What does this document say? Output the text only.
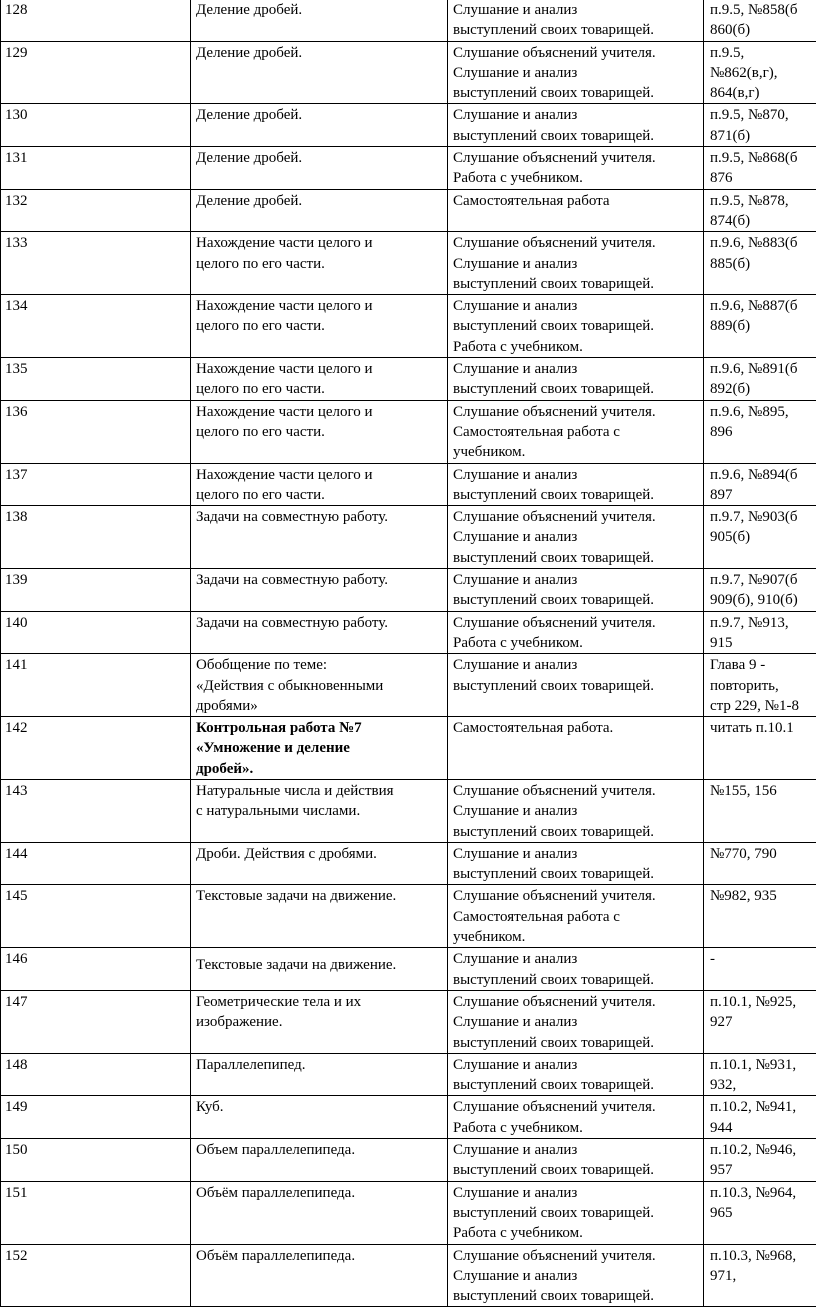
128	Деление дробей.	Слушание и анализ
выступлений своих товарищей.	п.9.5, №858(б
860(б)

129	Деление дробей.	Слушание объяснений учителя.
Слушание и анализ
выступлений своих товарищей.	п.9.5,
№862(в,г),
864(в,г)

130	Деление дробей.	Слушание и анализ
выступлений своих товарищей.	п.9.5, №870,
871(б)

131	Деление дробей.	Слушание объяснений учителя.
Работа с учебником.	п.9.5, №868(б
876

132	Деление дробей.	Самостоятельная работа	п.9.5, №878,
874(б)

133	Нахождение части целого и
целого по его части.	Слушание объяснений учителя.
Слушание и анализ
выступлений своих товарищей.	п.9.6, №883(б
885(б)

134	Нахождение части целого и
целого по его части.	Слушание и анализ
выступлений своих товарищей.
Работа с учебником.	п.9.6, №887(б
889(б)

135	Нахождение части целого и
целого по его части.	Слушание и анализ
выступлений своих товарищей.	п.9.6, №891(б
892(б)

136	Нахождение части целого и
целого по его части.	Слушание объяснений учителя.
Самостоятельная работа с
учебником.	п.9.6, №895,
896

137	Нахождение части целого и
целого по его части.	Слушание и анализ
выступлений своих товарищей.	п.9.6, №894(б
897

138	Задачи на совместную работу.	Слушание объяснений учителя.
Слушание и анализ
выступлений своих товарищей.	п.9.7, №903(б
905(б)

139	Задачи на совместную работу.	Слушание и анализ
выступлений своих товарищей.	п.9.7, №907(б
909(б), 910(б)

140	Задачи на совместную работу.	Слушание объяснений учителя.
Работа с учебником.	п.9.7, №913,
915

141	Обобщение по теме:
«Действия с обыкновенными
дробями»	Слушание и анализ
выступлений своих товарищей.	Глава 9 -
повторить,
стр 229, №1-8

142	Контрольная работа №7
«Умножение и деление
дробей».	Самостоятельная работа.	читать п.10.1

143	Натуральные числа и действия
с натуральными числами.	Слушание объяснений учителя.
Слушание и анализ
выступлений своих товарищей.	№155, 156

144	Дроби. Действия с дробями.	Слушание и анализ
выступлений своих товарищей.	№770, 790

145	Текстовые задачи на движение.	Слушание объяснений учителя.
Самостоятельная работа с
учебником.	№982, 935

146	Текстовые задачи на движение.	Слушание и анализ
выступлений своих товарищей.	-

147	Геометрические тела и их
изображение.	Слушание объяснений учителя.
Слушание и анализ
выступлений своих товарищей.	п.10.1, №925,
927

148	Параллелепипед.	Слушание и анализ
выступлений своих товарищей.	п.10.1, №931,
932,

149	Куб.	Слушание объяснений учителя.
Работа с учебником.	п.10.2, №941,
944

150	Объем параллелепипеда.	Слушание и анализ
выступлений своих товарищей.	п.10.2, №946,
957

151	Объём параллелепипеда.	Слушание и анализ
выступлений своих товарищей.
Работа с учебником.	п.10.3, №964,
965

152	Объём параллелепипеда.	Слушание объяснений учителя.
Слушание и анализ
выступлений своих товарищей.	п.10.3, №968,
971,
